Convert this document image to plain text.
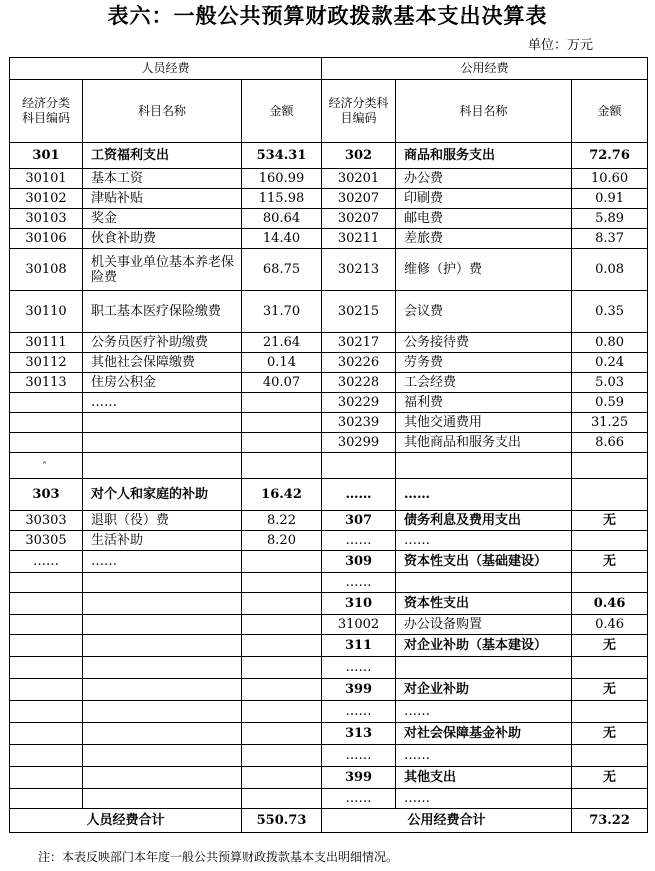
表六：一般公共预算财政拨款基本支出决算表
单位：万元
人员经费			公用经费		
经济分类科目编码	科目名称	金额	经济分类科目编码	科目名称	金额
301	工资福利支出	534.31	302	商品和服务支出	72.76
30101	基本工资	160.99	30201	办公费	10.60
30102	津贴补贴	115.98	30207	印刷费	0.91
30103	奖金	80.64	30207	邮电费	5.89
30106	伙食补助费	14.40	30211	差旅费	8.37
30108	机关事业单位基本养老保险费	68.75	30213	维修（护）费	0.08
30110	职工基本医疗保险缴费	31.70	30215	会议费	0.35
30111	公务员医疗补助缴费	21.64	30217	公务接待费	0.80
30112	其他社会保障缴费	0.14	30226	劳务费	0.24
30113	住房公积金	40.07	30228	工会经费	5.03
	……		30229	福利费	0.59
			30239	其他交通费用	31.25
			30299	其他商品和服务支出	8.66

303	对个人和家庭的补助	16.42	……	……	
30303	退职（役）费	8.22	307	债务利息及费用支出	无
30305	生活补助	8.20	……	……	
……	……		309	资本性支出（基础建设）	无
			……		
			310	资本性支出	0.46
			31002	办公设备购置	0.46
			311	对企业补助（基本建设）	无
			……		
			399	对企业补助	无
			……	……	
			313	对社会保障基金补助	无
			……	……	
			399	其他支出	无
			……	……	
人员经费合计		550.73	公用经费合计		73.22
ˆ
注：本表反映部门本年度一般公共预算财政拨款基本支出明细情况。
